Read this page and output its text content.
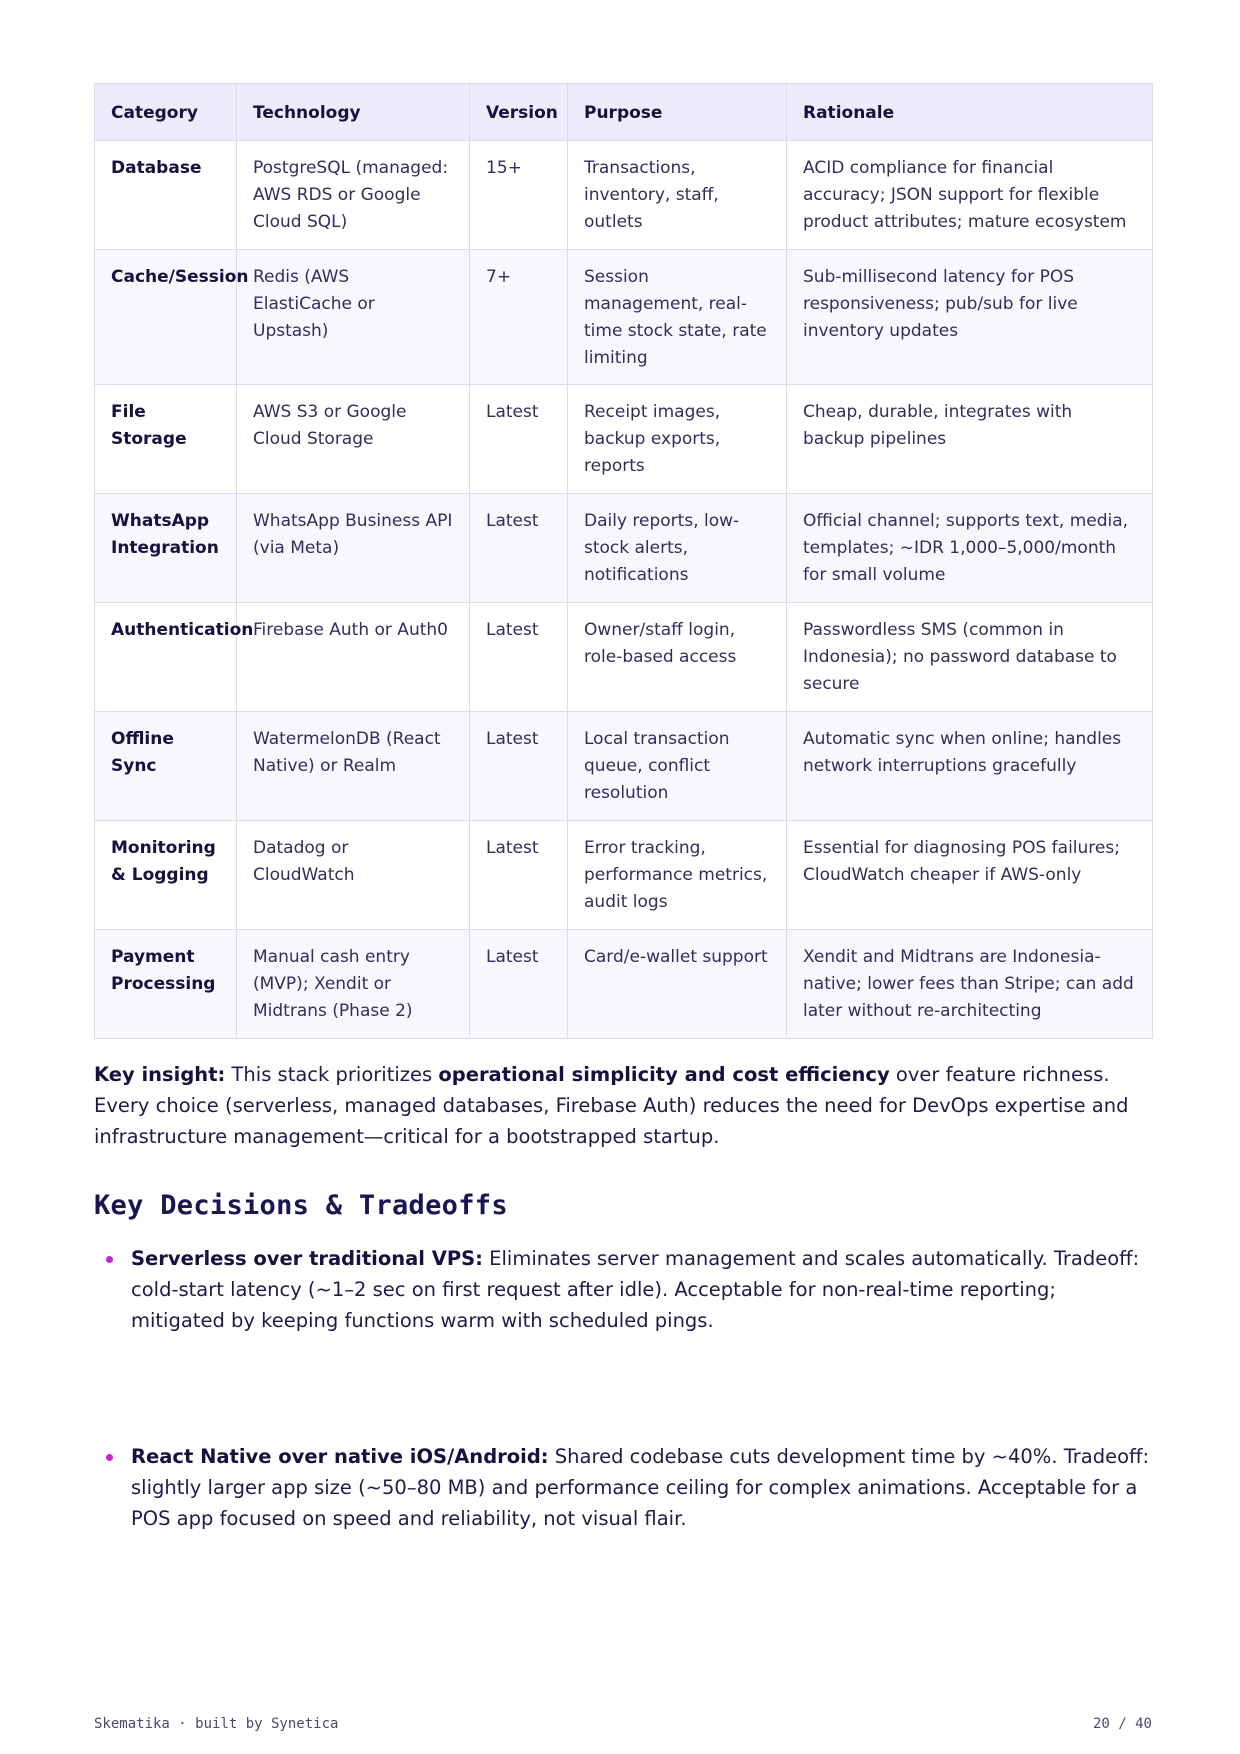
Category	Technology	Version	Purpose	Rationale
Database	PostgreSQL (managed: AWS RDS or Google Cloud SQL)	15+	Transactions, inventory, staff, outlets	ACID compliance for financial accuracy; JSON support for flexible product attributes; mature ecosystem
Cache/Session	Redis (AWS ElastiCache or Upstash)	7+	Session management, real-time stock state, rate limiting	Sub-millisecond latency for POS responsiveness; pub/sub for live inventory updates
File Storage	AWS S3 or Google Cloud Storage	Latest	Receipt images, backup exports, reports	Cheap, durable, integrates with backup pipelines
WhatsApp Integration	WhatsApp Business API (via Meta)	Latest	Daily reports, low-stock alerts, notifications	Official channel; supports text, media, templates; ~IDR 1,000–5,000/month for small volume
Authentication	Firebase Auth or Auth0	Latest	Owner/staff login, role-based access	Passwordless SMS (common in Indonesia); no password database to secure
Offline Sync	WatermelonDB (React Native) or Realm	Latest	Local transaction queue, conflict resolution	Automatic sync when online; handles network interruptions gracefully
Monitoring & Logging	Datadog or CloudWatch	Latest	Error tracking, performance metrics, audit logs	Essential for diagnosing POS failures; CloudWatch cheaper if AWS-only
Payment Processing	Manual cash entry (MVP); Xendit or Midtrans (Phase 2)	Latest	Card/e-wallet support	Xendit and Midtrans are Indonesia-native; lower fees than Stripe; can add later without re-architecting

Key insight: This stack prioritizes operational simplicity and cost efficiency over feature richness. Every choice (serverless, managed databases, Firebase Auth) reduces the need for DevOps expertise and infrastructure management—critical for a bootstrapped startup.

Key Decisions & Tradeoffs
Serverless over traditional VPS: Eliminates server management and scales automatically. Tradeoff: cold-start latency (~1–2 sec on first request after idle). Acceptable for non-real-time reporting; mitigated by keeping functions warm with scheduled pings.
React Native over native iOS/Android: Shared codebase cuts development time by ~40%. Tradeoff: slightly larger app size (~50–80 MB) and performance ceiling for complex animations. Acceptable for a POS app focused on speed and reliability, not visual flair.
Skematika · built by Synetica	20 / 40
